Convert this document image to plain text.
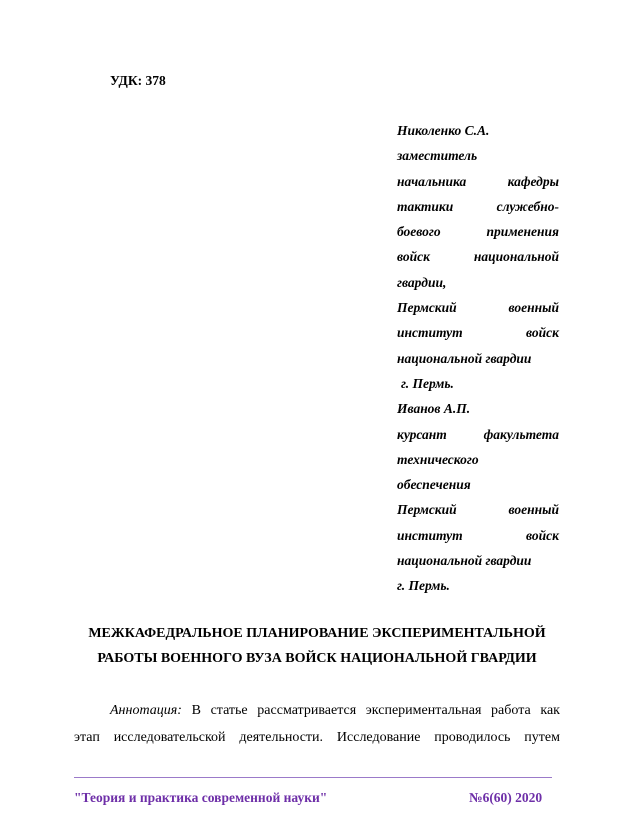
УДК: 378

Николенко С.А.
заместитель
начальника	кафедры
тактики	служебно-
боевого	применения
войск	национальной
гвардии,
Пермский	военный
институт	войск
национальной гвардии
г. Пермь.
Иванов А.П.
курсант	факультета
технического
обеспечения
Пермский	военный
институт	войск
национальной гвардии
г. Пермь.
МЕЖКАФЕДРАЛЬНОЕ ПЛАНИРОВАНИЕ ЭКСПЕРИМЕНТАЛЬНОЙ
РАБОТЫ ВОЕННОГО ВУЗА ВОЙСК НАЦИОНАЛЬНОЙ ГВАРДИИ
Аннотация: В статье рассматривается экспериментальная работа как
этап исследовательской деятельности. Исследование проводилось путем
"Теория и практика современной науки"	№6(60) 2020
